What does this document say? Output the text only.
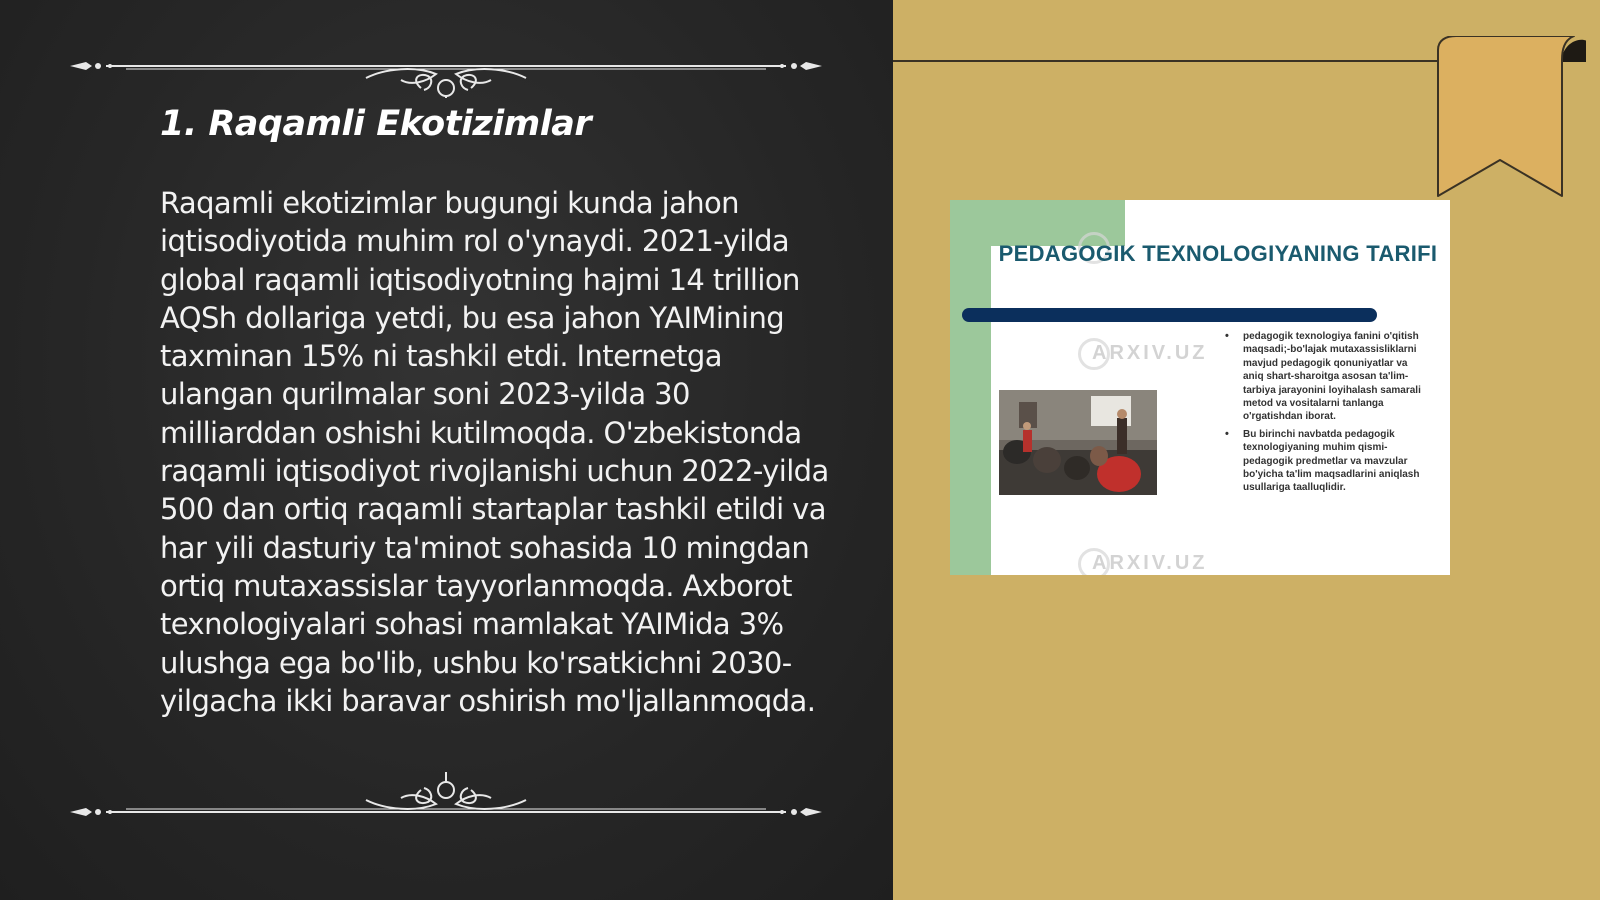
1. Raqamli Ekotizimlar

Raqamli ekotizimlar bugungi kunda jahon iqtisodiyotida muhim rol o'ynaydi. 2021-yilda global raqamli iqtisodiyotning hajmi 14 trillion AQSh dollariga yetdi, bu esa jahon YAIMining taxminan 15% ni tashkil etdi. Internetga ulangan qurilmalar soni 2023-yilda 30 milliarddan oshishi kutilmoqda. O'zbekistonda raqamli iqtisodiyot rivojlanishi uchun 2022-yilda 500 dan ortiq raqamli startaplar tashkil etildi va har yili dasturiy ta'minot sohasida 10 mingdan ortiq mutaxassislar tayyorlanmoqda. Axborot texnologiyalari sohasi mamlakat YAIMida 3% ulushga ega bo'lib, ushbu ko'rsatkichni 2030-yilgacha ikki baravar oshirish mo'ljallanmoqda.

PEDAGOGIK TEXNOLOGIYANING TARIFI
ARXIV.UZ
ARXIV.UZ
• pedagogik texnologiya fanini o'qitish maqsadi;-bo'lajak mutaxassisliklarni mavjud pedagogik qonuniyatlar va aniq shart-sharoitga asosan ta'lim-tarbiya jarayonini loyihalash samarali metod va vositalarni tanlanga o'rgatishdan iborat.
• Bu birinchi navbatda pedagogik texnologiyaning muhim qismi-pedagogik predmetlar va mavzular bo'yicha ta'lim maqsadlarini aniqlash usullariga taalluqlidir.
